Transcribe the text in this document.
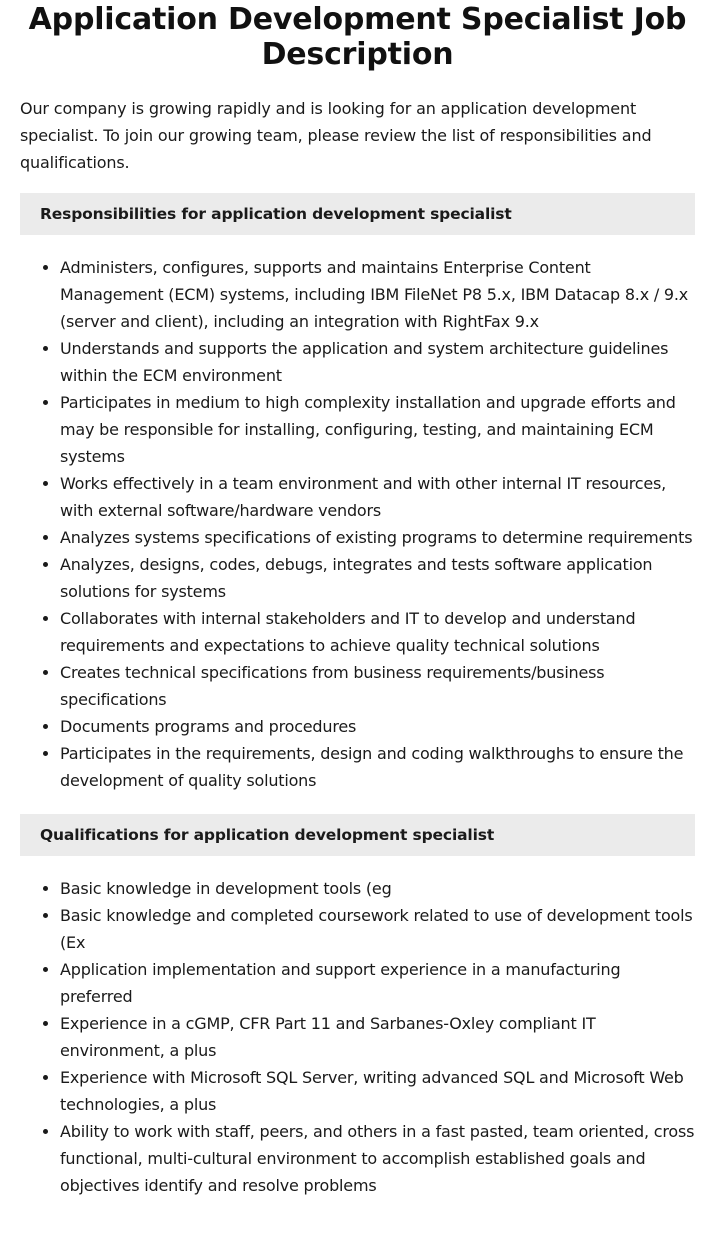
Application Development Specialist Job Description

Our company is growing rapidly and is looking for an application development specialist. To join our growing team, please review the list of responsibilities and qualifications.

Responsibilities for application development specialist
Administers, configures, supports and maintains Enterprise Content Management (ECM) systems, including IBM FileNet P8 5.x, IBM Datacap 8.x / 9.x (server and client), including an integration with RightFax 9.x
Understands and supports the application and system architecture guidelines within the ECM environment
Participates in medium to high complexity installation and upgrade efforts and may be responsible for installing, configuring, testing, and maintaining ECM systems
Works effectively in a team environment and with other internal IT resources, with external software/hardware vendors
Analyzes systems specifications of existing programs to determine requirements
Analyzes, designs, codes, debugs, integrates and tests software application solutions for systems
Collaborates with internal stakeholders and IT to develop and understand requirements and expectations to achieve quality technical solutions
Creates technical specifications from business requirements/business specifications
Documents programs and procedures
Participates in the requirements, design and coding walkthroughs to ensure the development of quality solutions
Qualifications for application development specialist
Basic knowledge in development tools (eg
Basic knowledge and completed coursework related to use of development tools (Ex
Application implementation and support experience in a manufacturing preferred
Experience in a cGMP, CFR Part 11 and Sarbanes-Oxley compliant IT environment, a plus
Experience with Microsoft SQL Server, writing advanced SQL and Microsoft Web technologies, a plus
Ability to work with staff, peers, and others in a fast pasted, team oriented, cross functional, multi-cultural environment to accomplish established goals and objectives identify and resolve problems
